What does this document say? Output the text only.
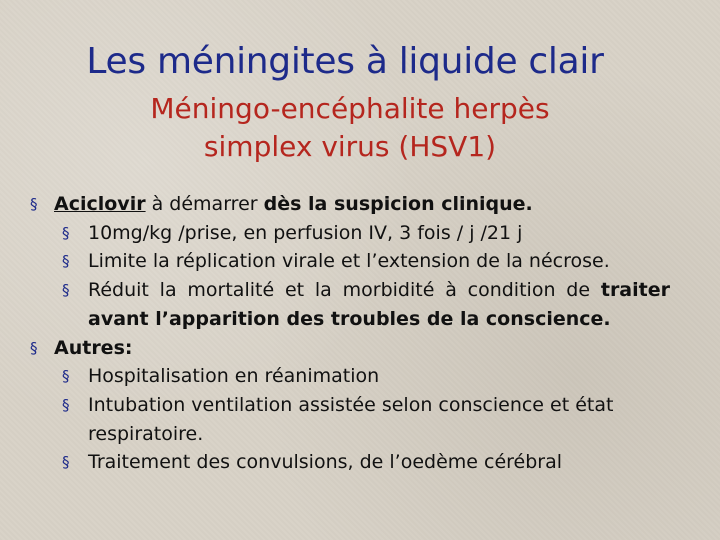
Les méningites à liquide clair
Méningo-encéphalite herpès
simplex virus (HSV1)
§ Aciclovir à démarrer dès la suspicion clinique.
§ 10mg/kg /prise, en perfusion IV, 3 fois / j /21 j
§ Limite la réplication virale et l’extension de la nécrose.
§ Réduit la mortalité et la morbidité à condition de traiter avant l’apparition des troubles de la conscience.
§ Autres:
§ Hospitalisation en réanimation
§ Intubation ventilation assistée selon conscience et état respiratoire.
§ Traitement des convulsions, de l’oedème cérébral
